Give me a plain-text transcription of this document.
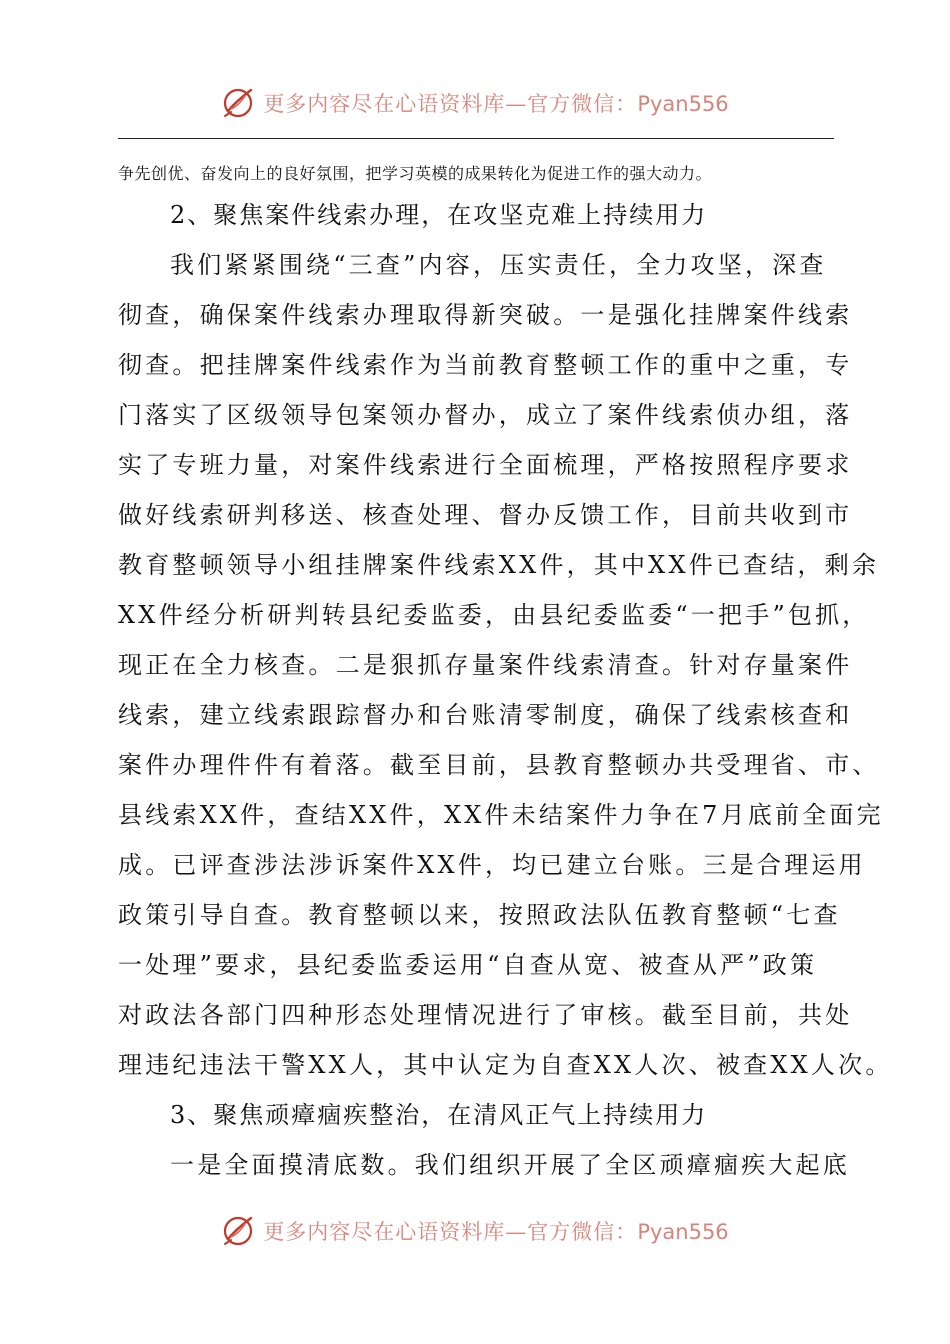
更多内容尽在心语资料库—官方微信：Pyan556
争先创优、奋发向上的良好氛围，把学习英模的成果转化为促进工作的强大动力。
2、聚焦案件线索办理，在攻坚克难上持续用力
我们紧紧围绕“三查”内容，压实责任，全力攻坚，深查
彻查，确保案件线索办理取得新突破。一是强化挂牌案件线索
彻查。把挂牌案件线索作为当前教育整顿工作的重中之重，专
门落实了区级领导包案领办督办，成立了案件线索侦办组，落
实了专班力量，对案件线索进行全面梳理，严格按照程序要求
做好线索研判移送、核查处理、督办反馈工作，目前共收到市
教育整顿领导小组挂牌案件线索XX件，其中XX件已查结，剩余
XX件经分析研判转县纪委监委，由县纪委监委“一把手”包抓，
现正在全力核查。二是狠抓存量案件线索清查。针对存量案件
线索，建立线索跟踪督办和台账清零制度，确保了线索核查和
案件办理件件有着落。截至目前，县教育整顿办共受理省、市、
县线索XX件，查结XX件，XX件未结案件力争在7月底前全面完
成。已评查涉法涉诉案件XX件，均已建立台账。三是合理运用
政策引导自查。教育整顿以来，按照政法队伍教育整顿“七查
一处理”要求，县纪委监委运用“自查从宽、被查从严”政策
对政法各部门四种形态处理情况进行了审核。截至目前，共处
理违纪违法干警XX人，其中认定为自查XX人次、被查XX人次。
3、聚焦顽瘴痼疾整治，在清风正气上持续用力
一是全面摸清底数。我们组织开展了全区顽瘴痼疾大起底
更多内容尽在心语资料库—官方微信：Pyan556
